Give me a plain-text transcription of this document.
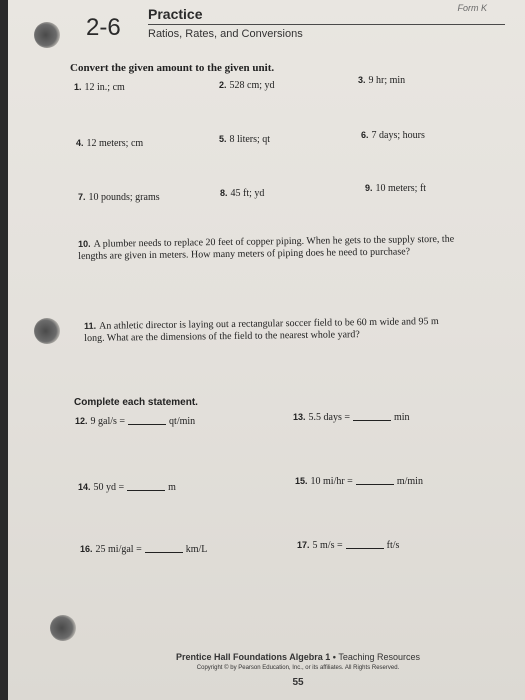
2-6 Practice
Ratios, Rates, and Conversions
Form K
Convert the given amount to the given unit.
1. 12 in.; cm	2. 528 cm; yd	3. 9 hr; min
4. 12 meters; cm	5. 8 liters; qt	6. 7 days; hours
7. 10 pounds; grams	8. 45 ft; yd	9. 10 meters; ft
10. A plumber needs to replace 20 feet of copper piping. When he gets to the supply store, the lengths are given in meters. How many meters of piping does he need to purchase?
11. An athletic director is laying out a rectangular soccer field to be 60 m wide and 95 m long. What are the dimensions of the field to the nearest whole yard?
Complete each statement.
12. 9 gal/s =	qt/min	13. 5.5 days =	min
14. 50 yd =	m
15. 10 mi/hr =	m/min
16. 25 mi/gal =	km/L	17. 5 m/s =	ft/s
Prentice Hall Foundations Algebra 1 • Teaching Resources
Copyright © by Pearson Education, Inc., or its affiliates. All Rights Reserved.
55
